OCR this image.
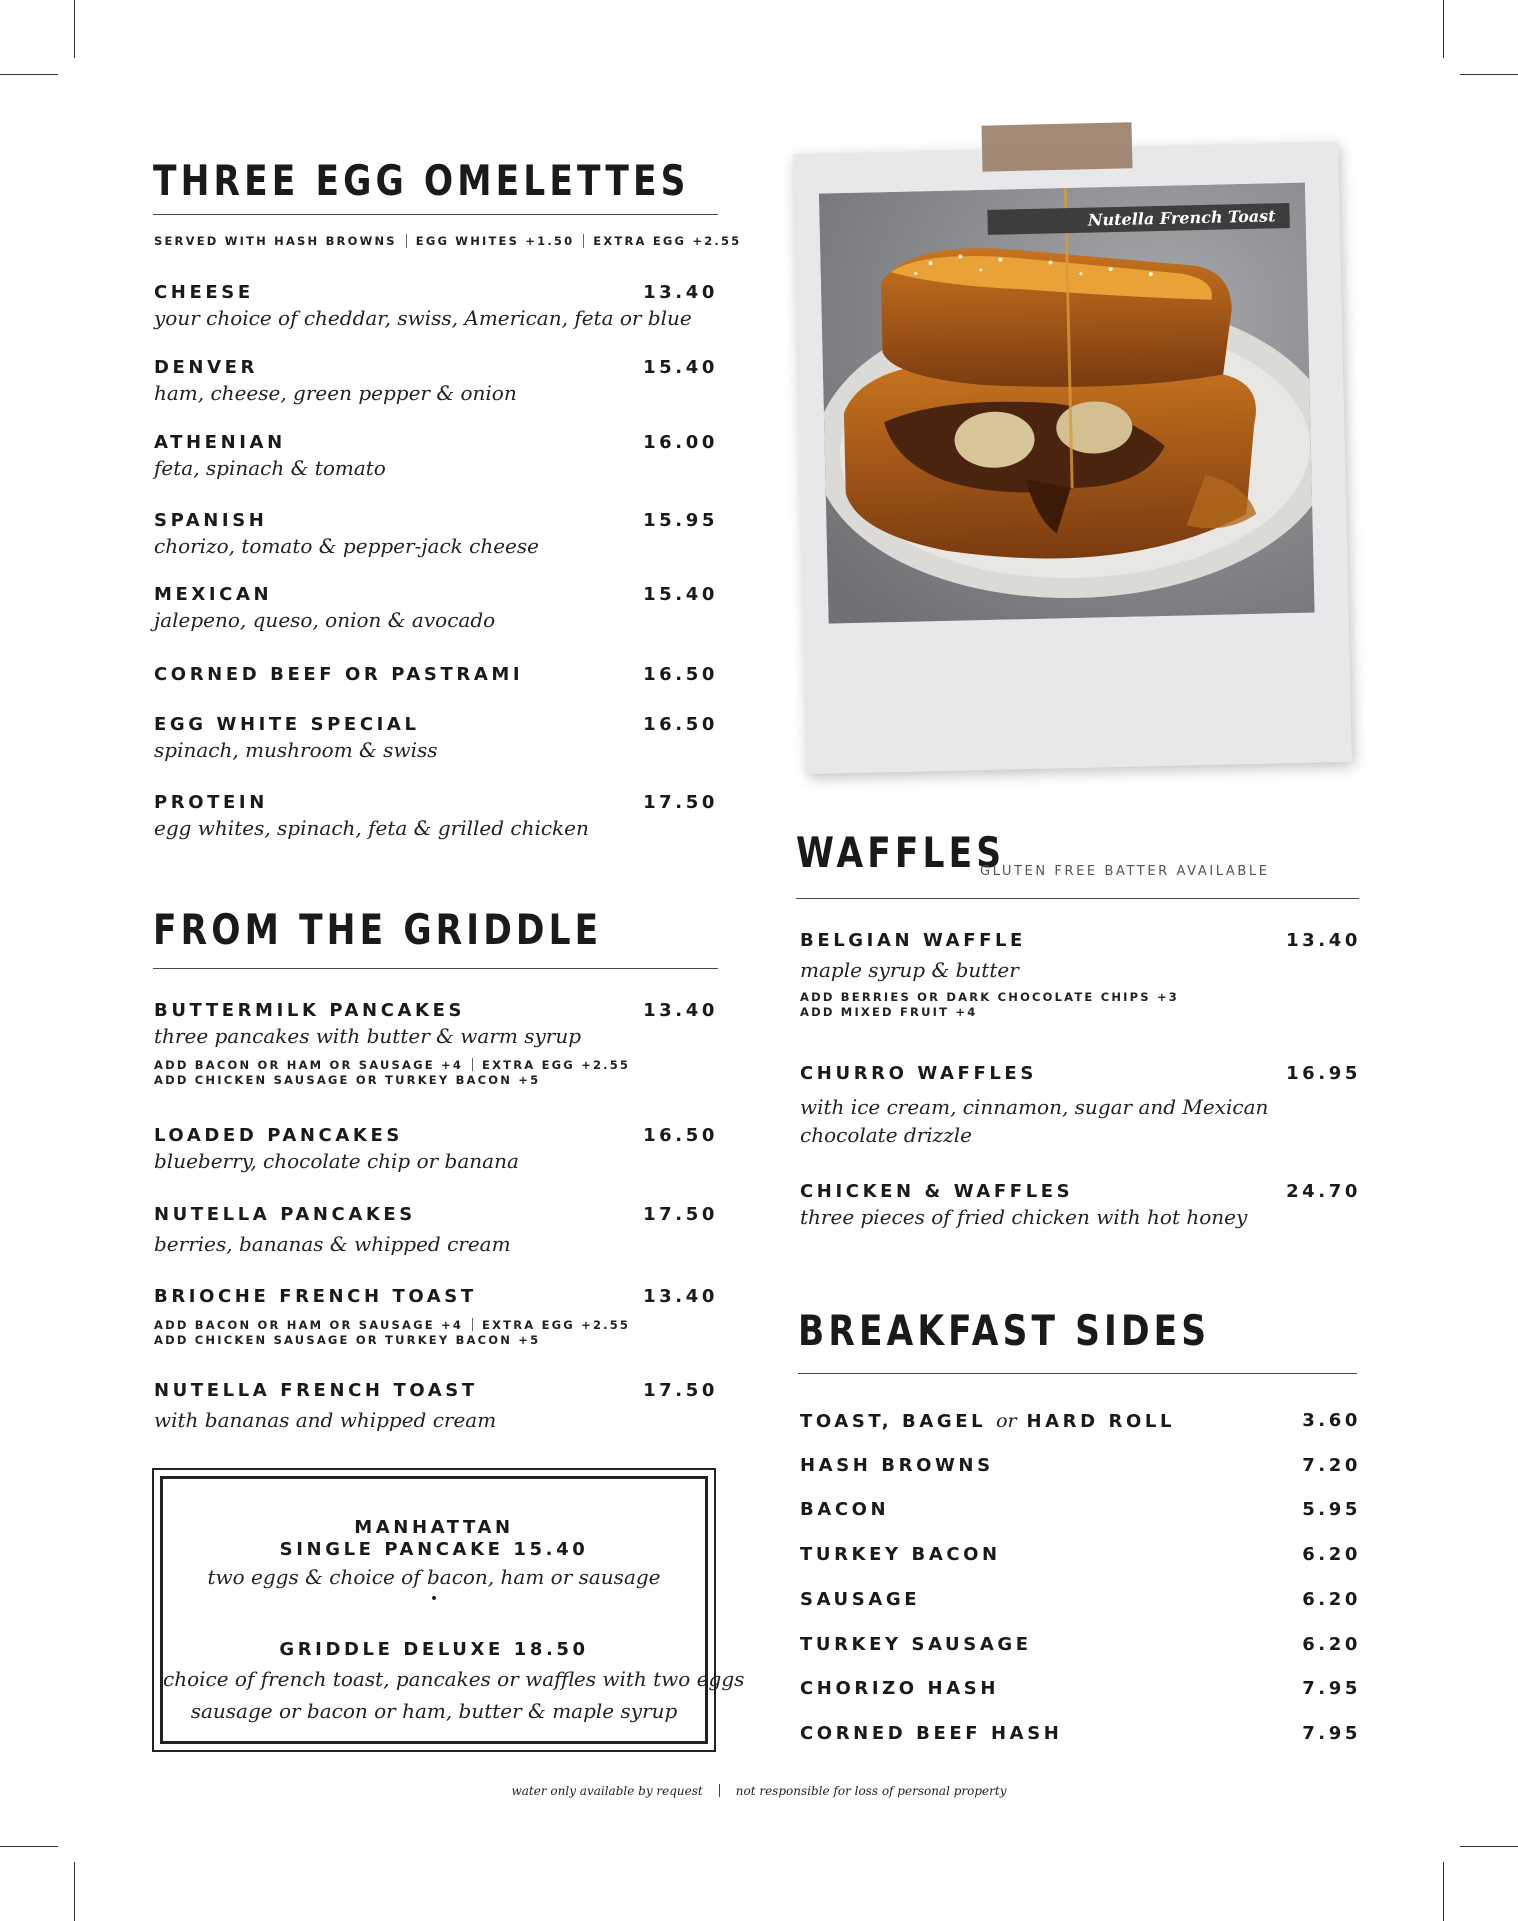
THREE EGG OMELETTES
SERVED WITH HASH BROWNS EGG WHITES +1.50 EXTRA EGG +2.55
CHEESE	13.40
your choice of cheddar, swiss, American, feta or blue
DENVER	15.40
ham, cheese, green pepper & onion
ATHENIAN	16.00
feta, spinach & tomato
SPANISH	15.95
chorizo, tomato & pepper-jack cheese
MEXICAN	15.40
jalepeno, queso, onion & avocado
CORNED BEEF OR PASTRAMI	16.50
EGG WHITE SPECIAL	16.50
spinach, mushroom & swiss
PROTEIN	17.50
egg whites, spinach, feta & grilled chicken
FROM THE GRIDDLE
BUTTERMILK PANCAKES	13.40
three pancakes with butter & warm syrup
ADD BACON OR HAM OR SAUSAGE +4 EXTRA EGG +2.55
ADD CHICKEN SAUSAGE OR TURKEY BACON +5
LOADED PANCAKES	16.50
blueberry, chocolate chip or banana
NUTELLA PANCAKES	17.50
berries, bananas & whipped cream
BRIOCHE FRENCH TOAST	13.40
ADD BACON OR HAM OR SAUSAGE +4 EXTRA EGG +2.55
ADD CHICKEN SAUSAGE OR TURKEY BACON +5
NUTELLA FRENCH TOAST	17.50
with bananas and whipped cream
MANHATTAN
SINGLE PANCAKE 15.40
two eggs & choice of bacon, ham or sausage
•
GRIDDLE DELUXE 18.50
choice of french toast, pancakes or waffles with two eggs
sausage or bacon or ham, butter & maple syrup
Nutella French Toast
WAFFLES
GLUTEN FREE BATTER AVAILABLE
BELGIAN WAFFLE	13.40
maple syrup & butter
ADD BERRIES OR DARK CHOCOLATE CHIPS +3
ADD MIXED FRUIT +4
CHURRO WAFFLES	16.95
with ice cream, cinnamon, sugar and Mexican
chocolate drizzle
CHICKEN & WAFFLES	24.70
three pieces of fried chicken with hot honey
BREAKFAST SIDES
TOAST, BAGEL or HARD ROLL	3.60
HASH BROWNS	7.20
BACON	5.95
TURKEY BACON	6.20
SAUSAGE	6.20
TURKEY SAUSAGE	6.20
CHORIZO HASH	7.95
CORNED BEEF HASH	7.95
water only available by request	not responsible for loss of personal property
